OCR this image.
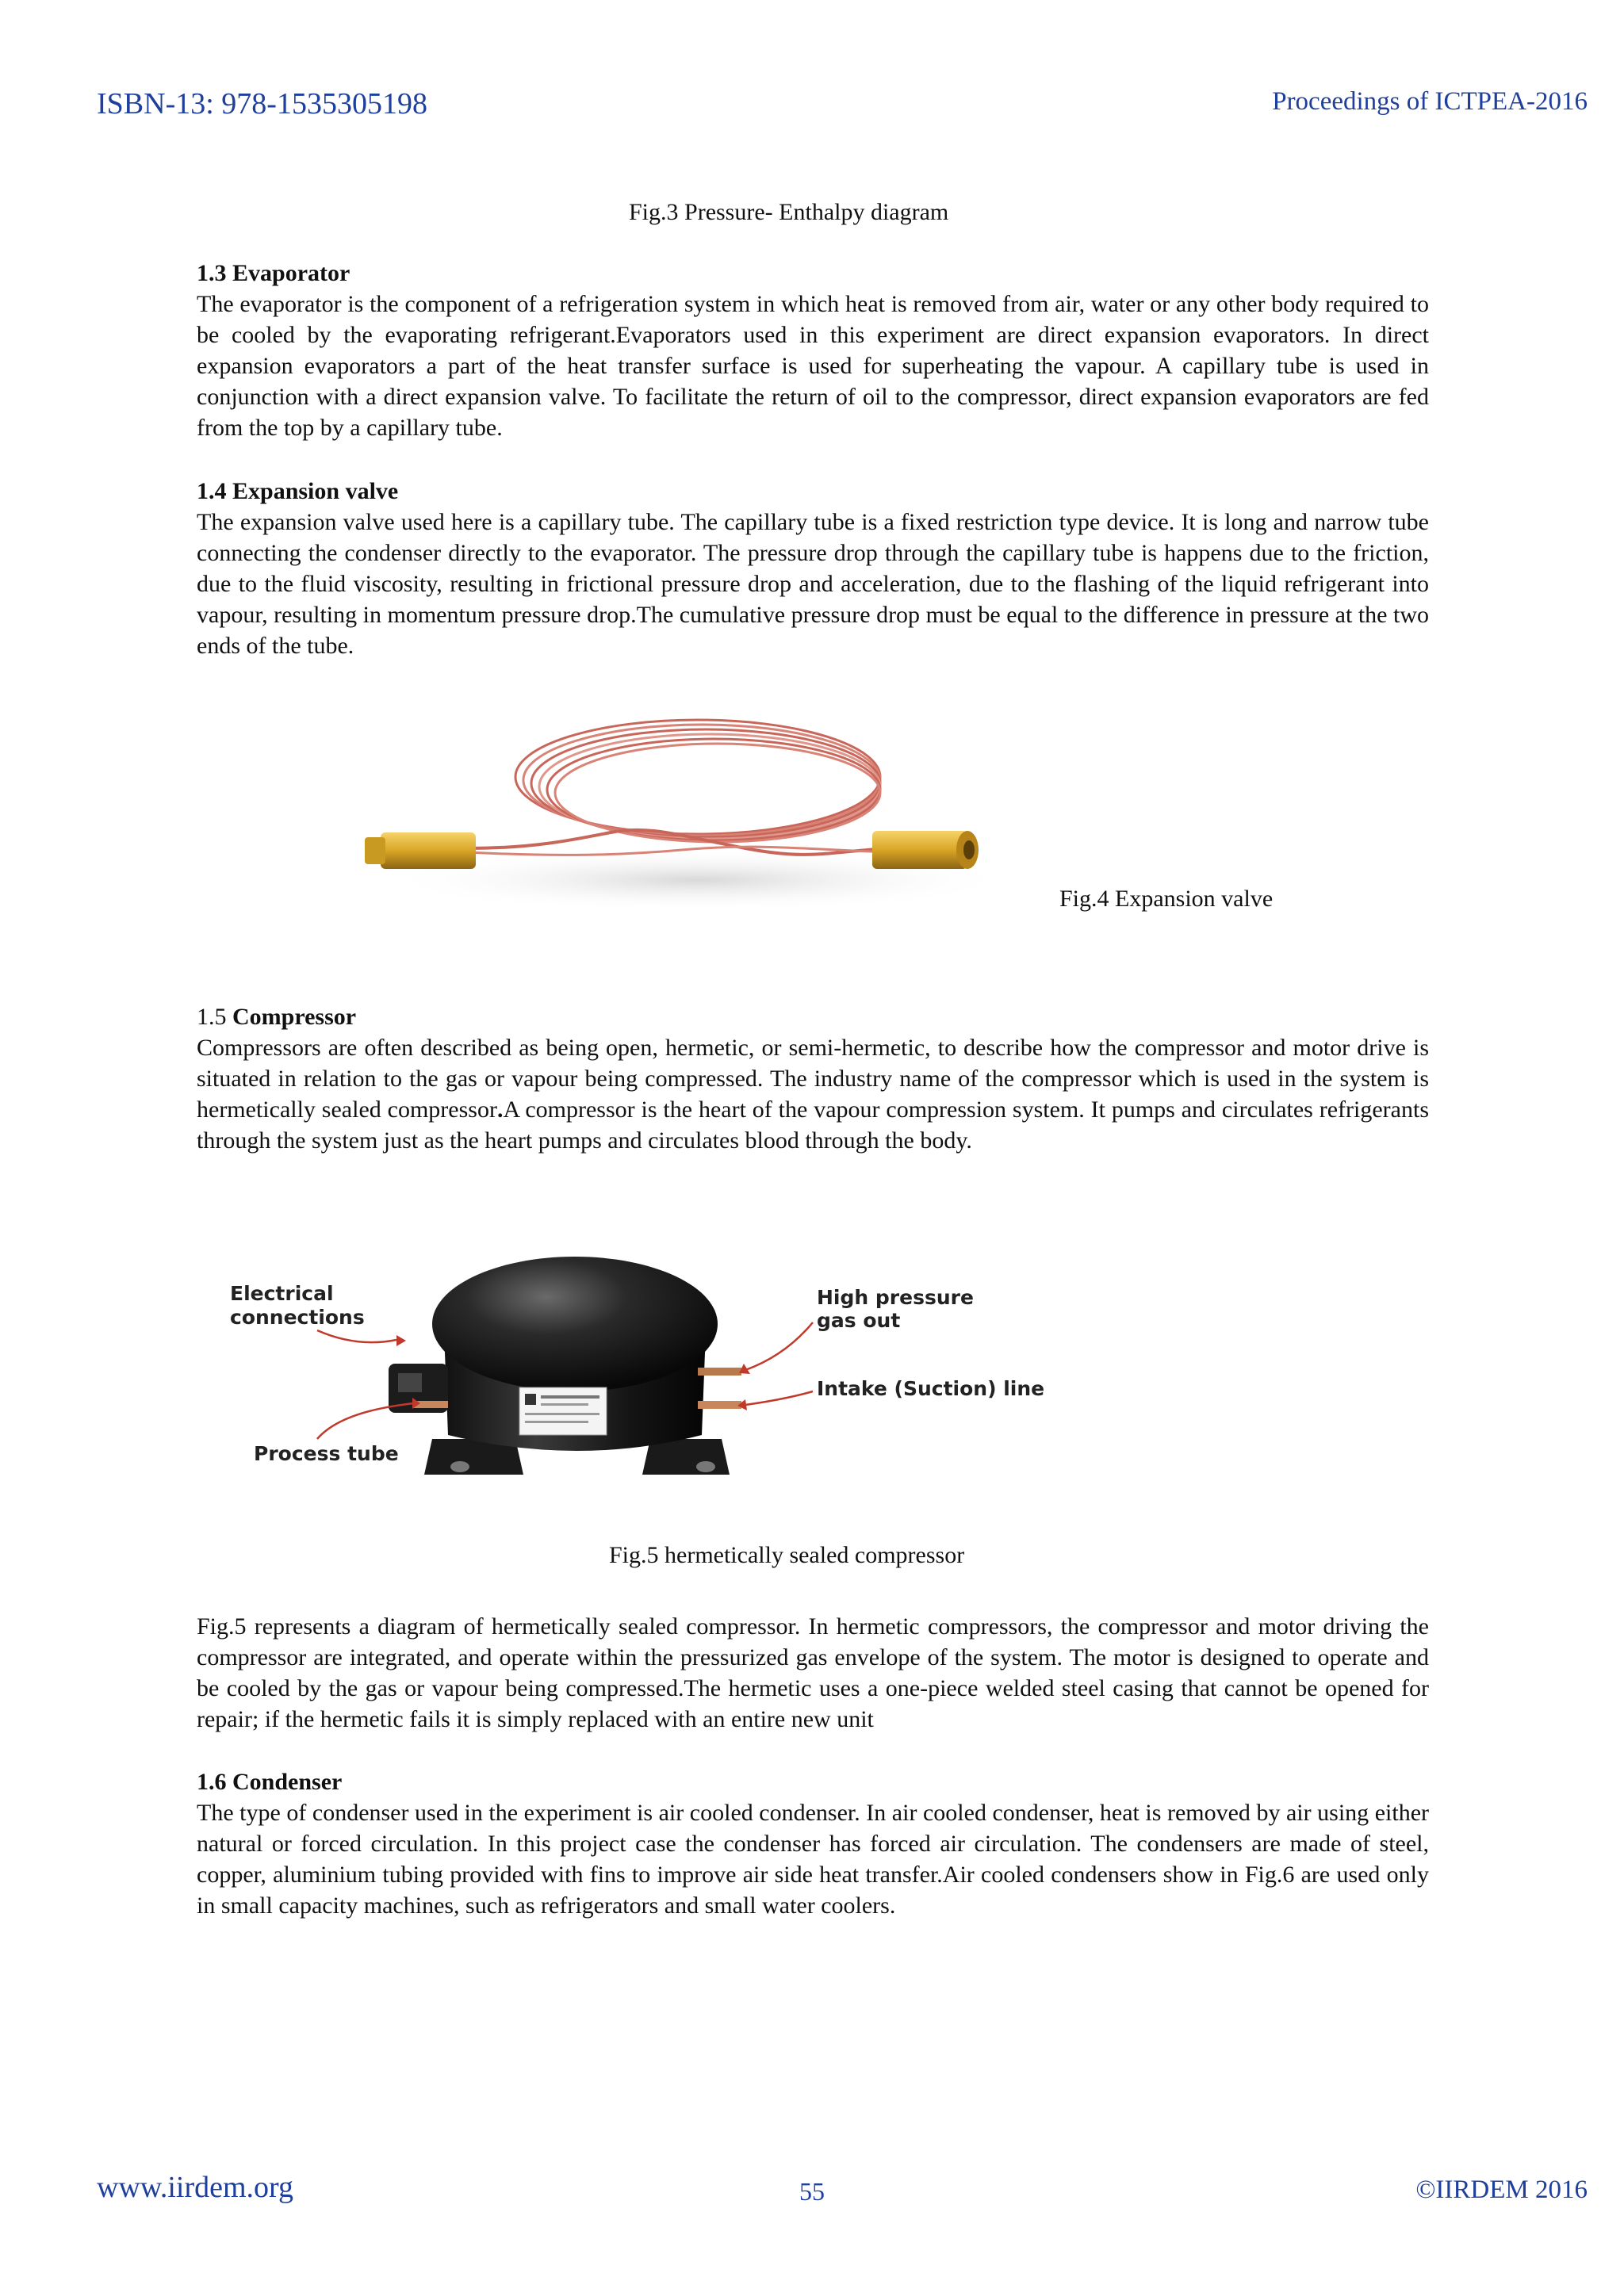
ISBN-13: 978-1535305198	Proceedings of ICTPEA-2016
Fig.3 Pressure- Enthalpy diagram

1.3 Evaporator

The evaporator is the component of a refrigeration system in which heat is removed from air, water or any other body required to be cooled by the evaporating refrigerant.Evaporators used in this experiment are direct expansion evaporators. In direct expansion evaporators a part of the heat transfer surface is used for superheating the vapour. A capillary tube is used in conjunction with a direct expansion valve. To facilitate the return of oil to the compressor, direct expansion evaporators are fed from the top by a capillary tube.

1.4 Expansion valve

The expansion valve used here is a capillary tube. The capillary tube is a fixed restriction type device. It is long and narrow tube connecting the condenser directly to the evaporator. The pressure drop through the capillary tube is happens due to the friction, due to the fluid viscosity, resulting in frictional pressure drop and acceleration, due to the flashing of the liquid refrigerant into vapour, resulting in momentum pressure drop.The cumulative pressure drop must be equal to the difference in pressure at the two ends of the tube.

Fig.4 Expansion valve

1.5 Compressor

Compressors are often described as being open, hermetic, or semi-hermetic, to describe how the compressor and motor drive is situated in relation to the gas or vapour being compressed. The industry name of the compressor which is used in the system is hermetically sealed compressor.A compressor is the heart of the vapour compression system. It pumps and circulates refrigerants through the system just as the heart pumps and circulates blood through the body.

Electrical
connections
High pressure
gas out
Intake (Suction) line
Process tube
Fig.5 hermetically sealed compressor

Fig.5 represents a diagram of hermetically sealed compressor. In hermetic compressors, the compressor and motor driving the compressor are integrated, and operate within the pressurized gas envelope of the system. The motor is designed to operate and be cooled by the gas or vapour being compressed.The hermetic uses a one-piece welded steel casing that cannot be opened for repair; if the hermetic fails it is simply replaced with an entire new unit

1.6 Condenser

The type of condenser used in the experiment is air cooled condenser. In air cooled condenser, heat is removed by air using either natural or forced circulation. In this project case the condenser has forced air circulation. The condensers are made of steel, copper, aluminium tubing provided with fins to improve air side heat transfer.Air cooled condensers show in Fig.6 are used only in small capacity machines, such as refrigerators and small water coolers.

www.iirdem.org	55	©IIRDEM 2016
